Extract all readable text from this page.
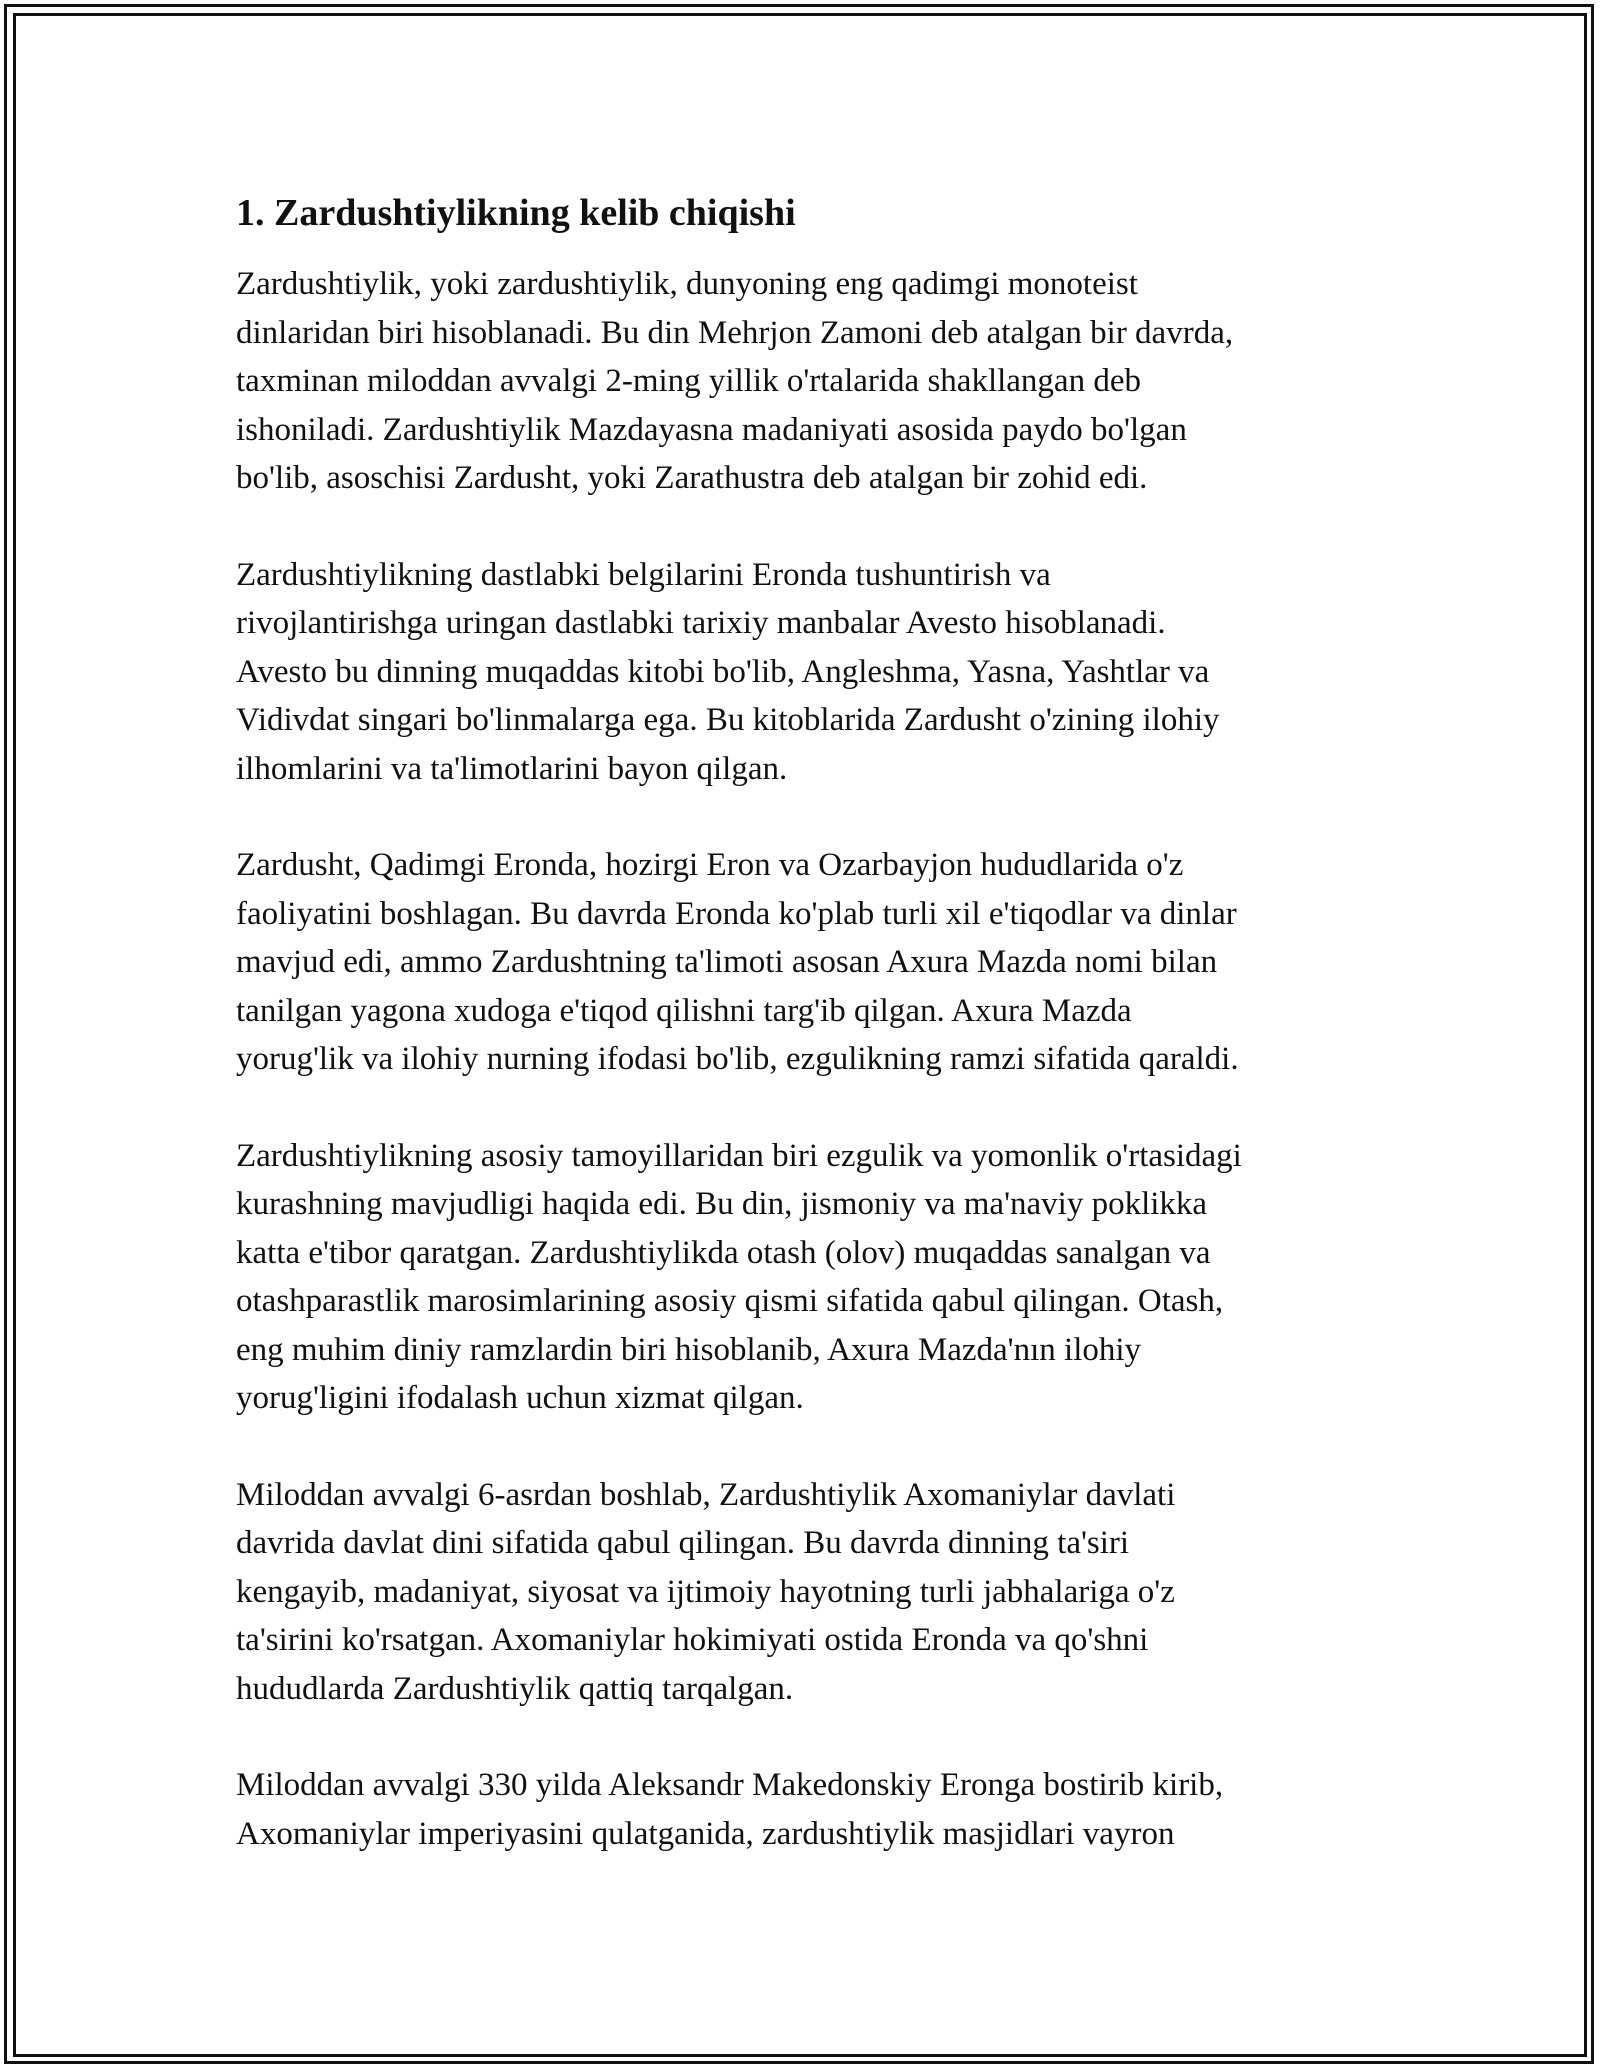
1. Zardushtiylikning kelib chiqishi

Zardushtiylik, yoki zardushtiylik, dunyoning eng qadimgi monoteist
dinlaridan biri hisoblanadi. Bu din Mehrjon Zamoni deb atalgan bir davrda,
taxminan miloddan avvalgi 2-ming yillik o'rtalarida shakllangan deb
ishoniladi. Zardushtiylik Mazdayasna madaniyati asosida paydo bo'lgan
bo'lib, asoschisi Zardusht, yoki Zarathustra deb atalgan bir zohid edi.

Zardushtiylikning dastlabki belgilarini Eronda tushuntirish va
rivojlantirishga uringan dastlabki tarixiy manbalar Avesto hisoblanadi.
Avesto bu dinning muqaddas kitobi bo'lib, Angleshma, Yasna, Yashtlar va
Vidivdat singari bo'linmalarga ega. Bu kitoblarida Zardusht o'zining ilohiy
ilhomlarini va ta'limotlarini bayon qilgan.

Zardusht, Qadimgi Eronda, hozirgi Eron va Ozarbayjon hududlarida o'z
faoliyatini boshlagan. Bu davrda Eronda ko'plab turli xil e'tiqodlar va dinlar
mavjud edi, ammo Zardushtning ta'limoti asosan Axura Mazda nomi bilan
tanilgan yagona xudoga e'tiqod qilishni targ'ib qilgan. Axura Mazda
yorug'lik va ilohiy nurning ifodasi bo'lib, ezgulikning ramzi sifatida qaraldi.

Zardushtiylikning asosiy tamoyillaridan biri ezgulik va yomonlik o'rtasidagi
kurashning mavjudligi haqida edi. Bu din, jismoniy va ma'naviy poklikka
katta e'tibor qaratgan. Zardushtiylikda otash (olov) muqaddas sanalgan va
otashparastlik marosimlarining asosiy qismi sifatida qabul qilingan. Otash,
eng muhim diniy ramzlardin biri hisoblanib, Axura Mazda'nın ilohiy
yorug'ligini ifodalash uchun xizmat qilgan.

Miloddan avvalgi 6-asrdan boshlab, Zardushtiylik Axomaniylar davlati
davrida davlat dini sifatida qabul qilingan. Bu davrda dinning ta'siri
kengayib, madaniyat, siyosat va ijtimoiy hayotning turli jabhalariga o'z
ta'sirini ko'rsatgan. Axomaniylar hokimiyati ostida Eronda va qo'shni
hududlarda Zardushtiylik qattiq tarqalgan.

Miloddan avvalgi 330 yilda Aleksandr Makedonskiy Eronga bostirib kirib,
Axomaniylar imperiyasini qulatganida, zardushtiylik masjidlari vayron
